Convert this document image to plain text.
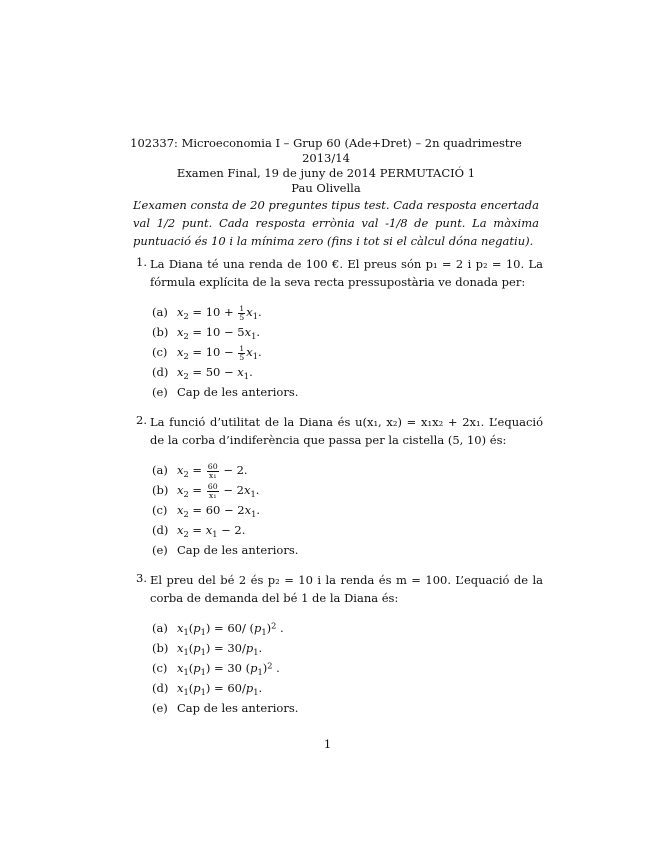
102337: Microeconomia I – Grup 60 (Ade+Dret) – 2n quadrimestre 2013/14
Examen Final, 19 de juny de 2014 PERMUTACIÓ 1
Pau Olivella
L’examen consta de 20 preguntes tipus test. Cada resposta encertada val 1/2 punt. Cada resposta errònia val -1/8 de punt. La màxima puntuació és 10 i la mínima zero (fins i tot si el càlcul dóna negatiu).
1. La Diana té una renda de 100 €. El preus són p₁ = 2 i p₂ = 10. La fórmula explícita de la seva recta pressupostària ve donada per:
(a) $x_2 = 10 + \frac{1}{5} x_1$.
(b) $x_2 = 10 - 5x_1$.
(c) $x_2 = 10 - \frac{1}{5} x_1$.
(d) $x_2 = 50 - x_1$.
(e) Cap de les anteriors.
2. La funció d’utilitat de la Diana és u(x₁, x₂) = x₁x₂ + 2x₁. L’equació de la corba d’indiferència que passa per la cistella (5, 10) és:
(a) $x_2 = \frac{60}{\text{x₁}} - 2$.
(b) $x_2 = \frac{60}{\text{x₁}} - 2x_1$.
(c) $x_2 = 60 - 2x_1$.
(d) $x_2 = x_1 - 2$.
(e) Cap de les anteriors.
3. El preu del bé 2 és p₂ = 10 i la renda és m = 100. L’equació de la corba de demanda del bé 1 de la Diana és:
(a) $x_1(p_1) = 60/$ $(p_1)^2$ .
(b) $x_1(p_1) = 30/p_1$.
(c) $x_1(p_1) = 30$ $(p_1)^2$ .
(d) $x_1(p_1) = 60/p_1$.
(e) Cap de les anteriors.
1
